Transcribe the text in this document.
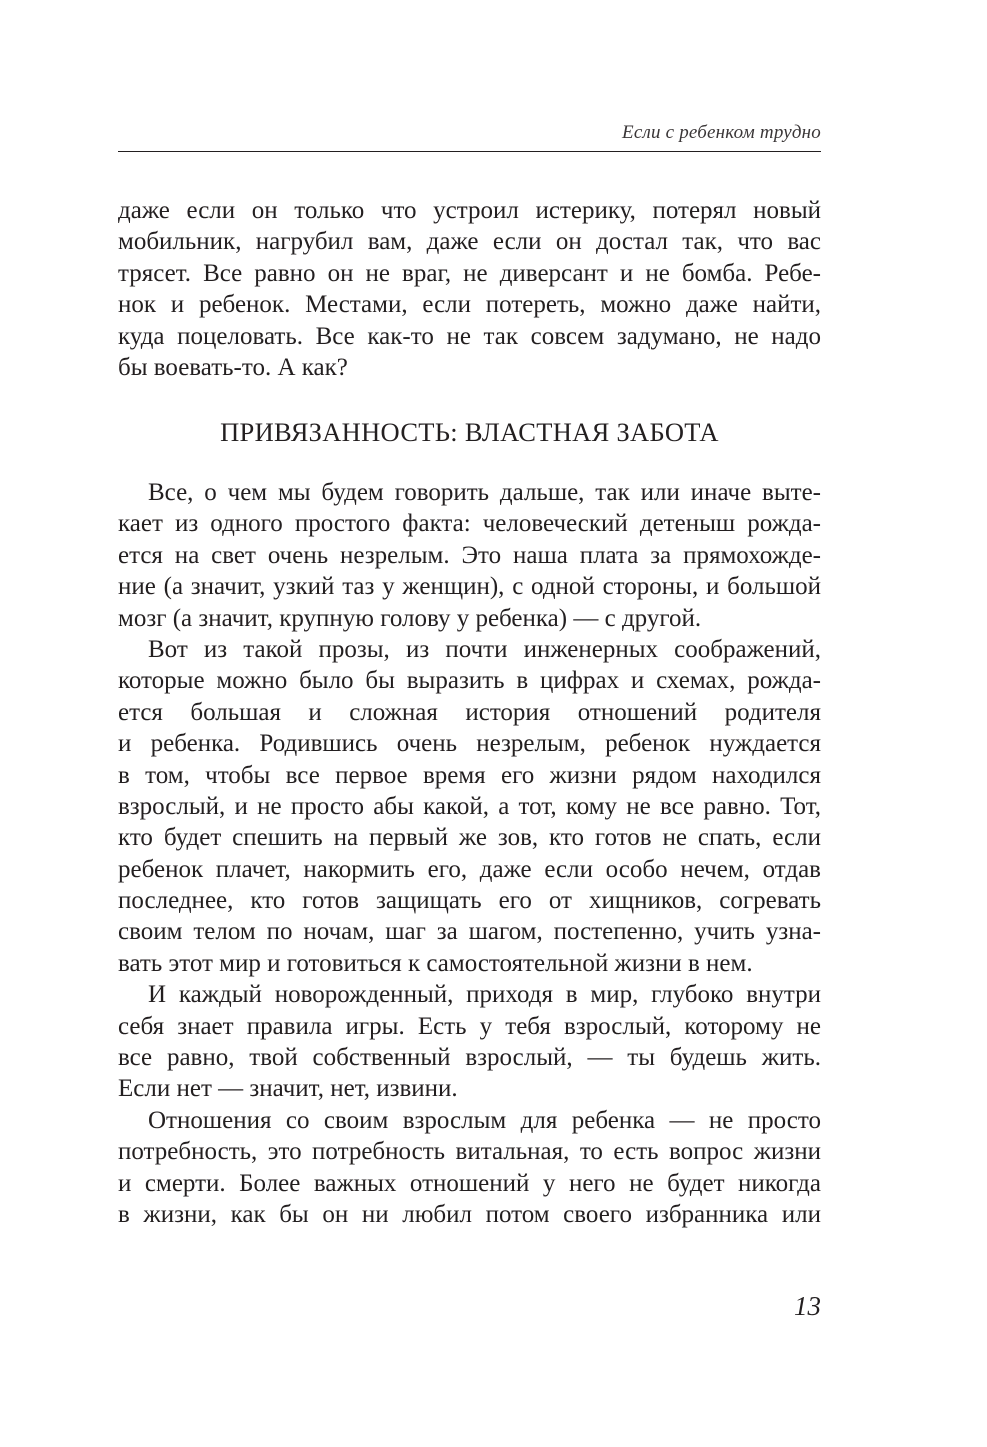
Если с ребенком трудно
даже если он только что устроил истерику, потерял новый
мобильник, нагрубил вам, даже если он достал так, что вас
трясет. Все равно он не враг, не диверсант и не бомба. Ребе-
нок и ребенок. Местами, если потереть, можно даже найти,
куда поцеловать. Все как-то не так совсем задумано, не надо
бы воевать-то. А как?
ПРИВЯЗАННОСТЬ: ВЛАСТНАЯ ЗАБОТА
Все, о чем мы будем говорить дальше, так или иначе выте-
кает из одного простого факта: человеческий детеныш рожда-
ется на свет очень незрелым. Это наша плата за прямохожде-
ние (а значит, узкий таз у женщин), с одной стороны, и большой
мозг (а значит, крупную голову у ребенка) — с другой.
Вот из такой прозы, из почти инженерных соображений,
которые можно было бы выразить в цифрах и схемах, рожда-
ется большая и сложная история отношений родителя
и ребенка. Родившись очень незрелым, ребенок нуждается
в том, чтобы все первое время его жизни рядом находился
взрослый, и не просто абы какой, а тот, кому не все равно. Тот,
кто будет спешить на первый же зов, кто готов не спать, если
ребенок плачет, накормить его, даже если особо нечем, отдав
последнее, кто готов защищать его от хищников, согревать
своим телом по ночам, шаг за шагом, постепенно, учить узна-
вать этот мир и готовиться к самостоятельной жизни в нем.
И каждый новорожденный, приходя в мир, глубоко внутри
себя знает правила игры. Есть у тебя взрослый, которому не
все равно, твой собственный взрослый, — ты будешь жить.
Если нет — значит, нет, извини.
Отношения со своим взрослым для ребенка — не просто
потребность, это потребность витальная, то есть вопрос жизни
и смерти. Более важных отношений у него не будет никогда
в жизни, как бы он ни любил потом своего избранника или
13
